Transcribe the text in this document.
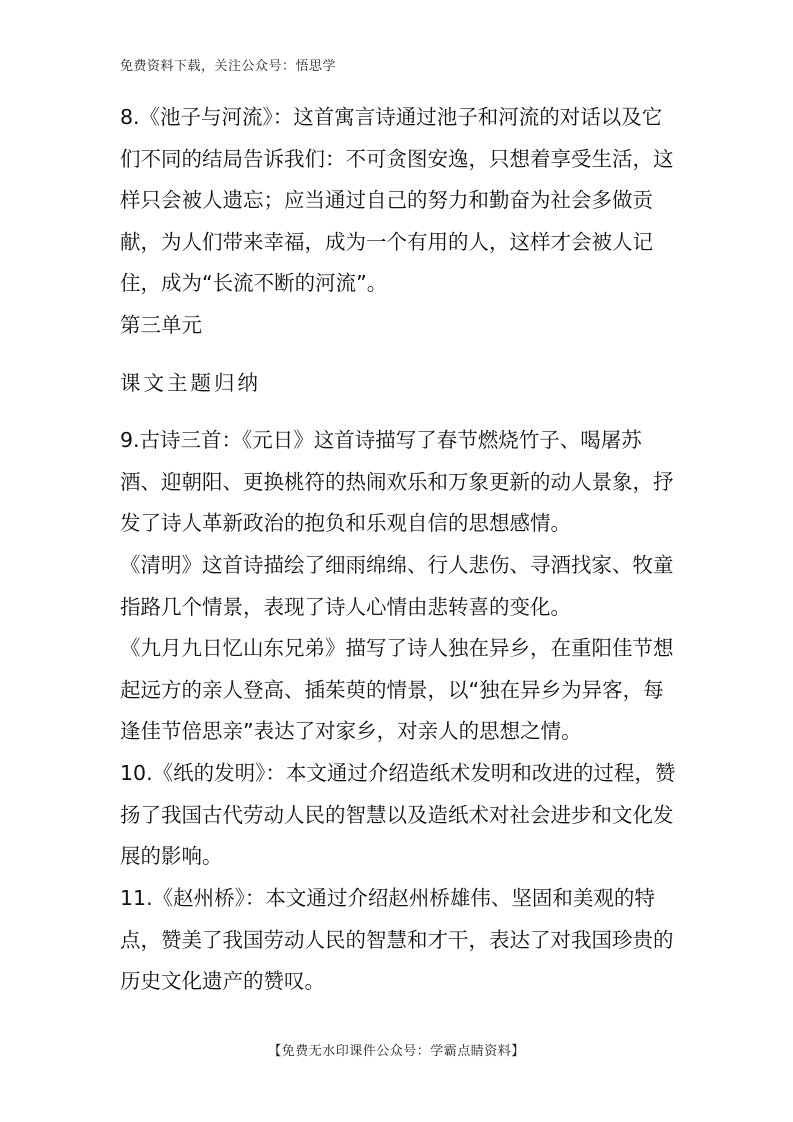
免费资料下载，关注公众号：悟思学

8.《池子与河流》：这首寓言诗通过池子和河流的对话以及它们不同的结局告诉我们：不可贪图安逸，只想着享受生活，这样只会被人遗忘；应当通过自己的努力和勤奋为社会多做贡献，为人们带来幸福，成为一个有用的人，这样才会被人记住，成为“长流不断的河流”。

第三单元

课文主题归纳

9.古诗三首：《元日》这首诗描写了春节燃烧竹子、喝屠苏酒、迎朝阳、更换桃符的热闹欢乐和万象更新的动人景象，抒发了诗人革新政治的抱负和乐观自信的思想感情。

《清明》这首诗描绘了细雨绵绵、行人悲伤、寻酒找家、牧童指路几个情景，表现了诗人心情由悲转喜的变化。

《九月九日忆山东兄弟》描写了诗人独在异乡，在重阳佳节想起远方的亲人登高、插茱萸的情景，以“独在异乡为异客，每逢佳节倍思亲”表达了对家乡，对亲人的思想之情。

10.《纸的发明》：本文通过介绍造纸术发明和改进的过程，赞扬了我国古代劳动人民的智慧以及造纸术对社会进步和文化发展的影响。

11.《赵州桥》：本文通过介绍赵州桥雄伟、坚固和美观的特点，赞美了我国劳动人民的智慧和才干，表达了对我国珍贵的历史文化遗产的赞叹。

【免费无水印课件公众号：学霸点睛资料】
